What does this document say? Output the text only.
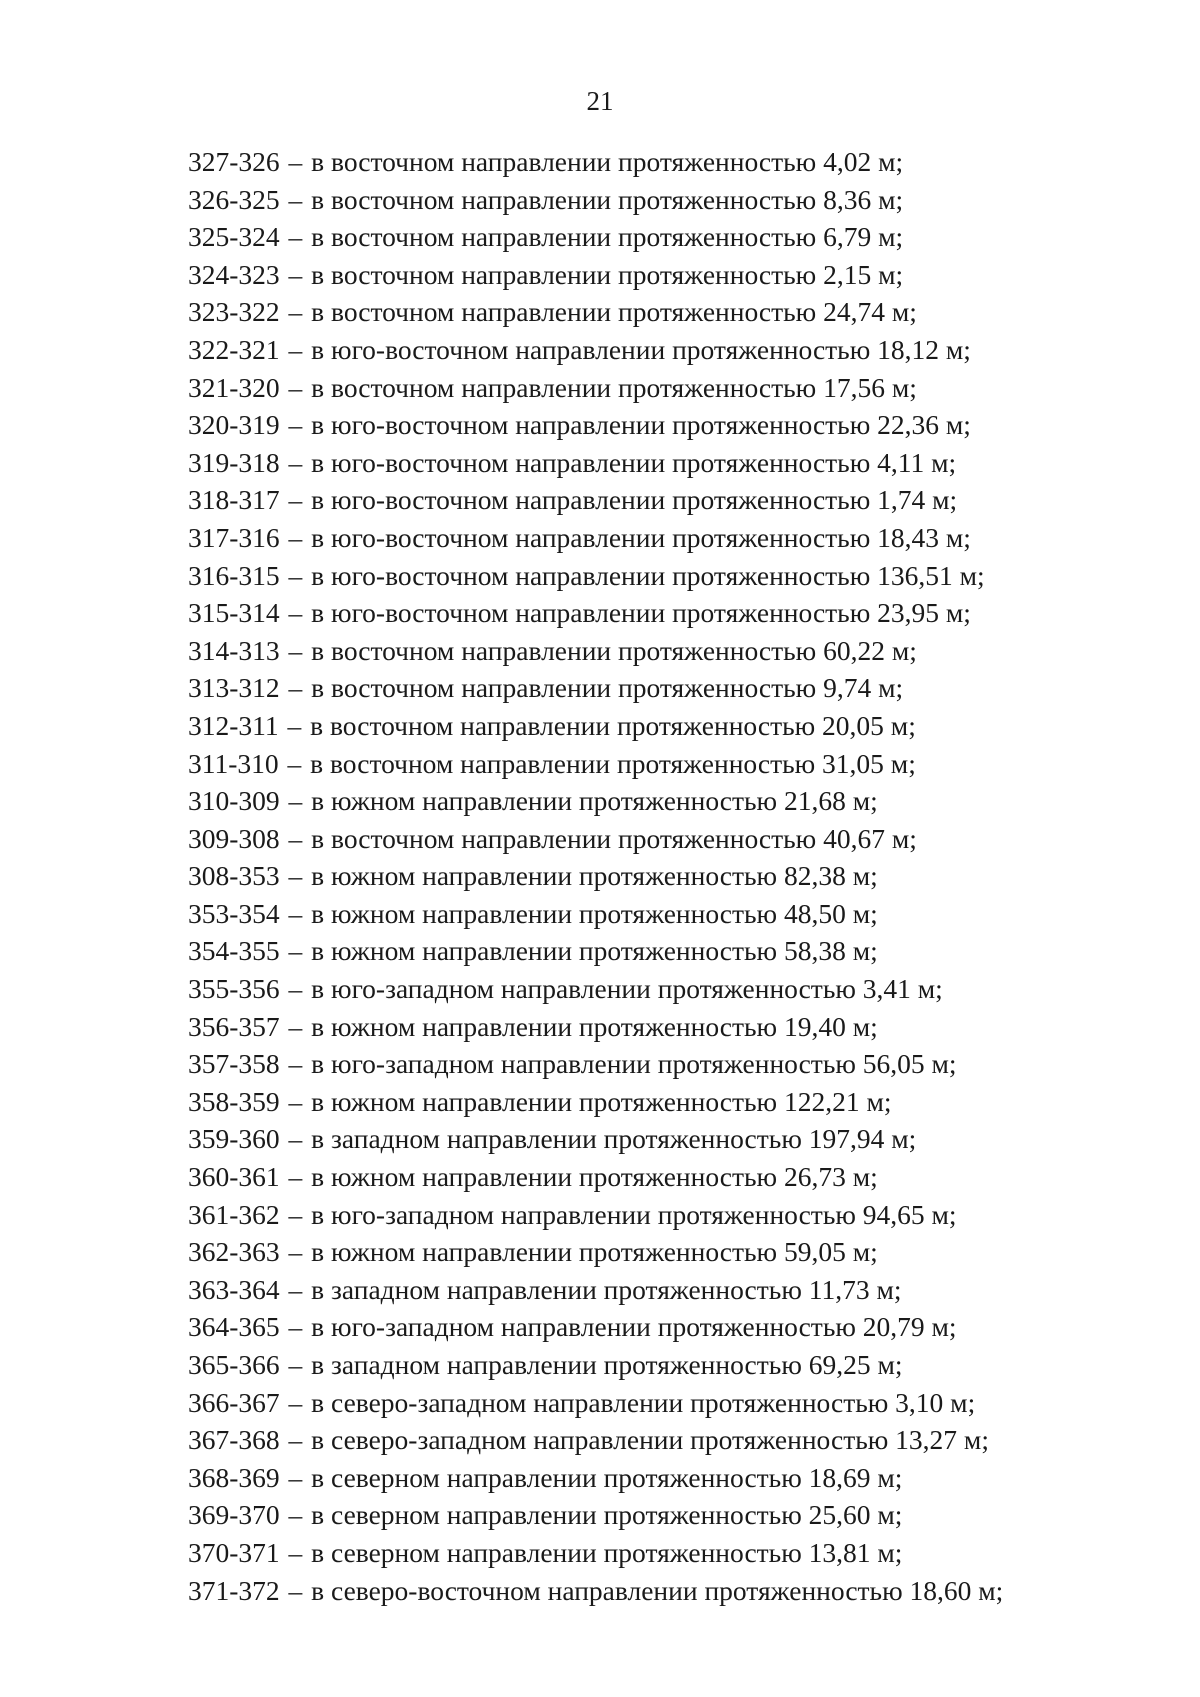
21
327-326 – в восточном направлении протяженностью 4,02 м;
326-325 – в восточном направлении протяженностью 8,36 м;
325-324 – в восточном направлении протяженностью 6,79 м;
324-323 – в восточном направлении протяженностью 2,15 м;
323-322 – в восточном направлении протяженностью 24,74 м;
322-321 – в юго-восточном направлении протяженностью 18,12 м;
321-320 – в восточном направлении протяженностью 17,56 м;
320-319 – в юго-восточном направлении протяженностью 22,36 м;
319-318 – в юго-восточном направлении протяженностью 4,11 м;
318-317 – в юго-восточном направлении протяженностью 1,74 м;
317-316 – в юго-восточном направлении протяженностью 18,43 м;
316-315 – в юго-восточном направлении протяженностью 136,51 м;
315-314 – в юго-восточном направлении протяженностью 23,95 м;
314-313 – в восточном направлении протяженностью 60,22 м;
313-312 – в восточном направлении протяженностью 9,74 м;
312-311 – в восточном направлении протяженностью 20,05 м;
311-310 – в восточном направлении протяженностью 31,05 м;
310-309 – в южном направлении протяженностью 21,68 м;
309-308 – в восточном направлении протяженностью 40,67 м;
308-353 – в южном направлении протяженностью 82,38 м;
353-354 – в южном направлении протяженностью 48,50 м;
354-355 – в южном направлении протяженностью 58,38 м;
355-356 – в юго-западном направлении протяженностью 3,41 м;
356-357 – в южном направлении протяженностью 19,40 м;
357-358 – в юго-западном направлении протяженностью 56,05 м;
358-359 – в южном направлении протяженностью 122,21 м;
359-360 – в западном направлении протяженностью 197,94 м;
360-361 – в южном направлении протяженностью 26,73 м;
361-362 – в юго-западном направлении протяженностью 94,65 м;
362-363 – в южном направлении протяженностью 59,05 м;
363-364 – в западном направлении протяженностью 11,73 м;
364-365 – в юго-западном направлении протяженностью 20,79 м;
365-366 – в западном направлении протяженностью 69,25 м;
366-367 – в северо-западном направлении протяженностью 3,10 м;
367-368 – в северо-западном направлении протяженностью 13,27 м;
368-369 – в северном направлении протяженностью 18,69 м;
369-370 – в северном направлении протяженностью 25,60 м;
370-371 – в северном направлении протяженностью 13,81 м;
371-372 – в северо-восточном направлении протяженностью 18,60 м;
